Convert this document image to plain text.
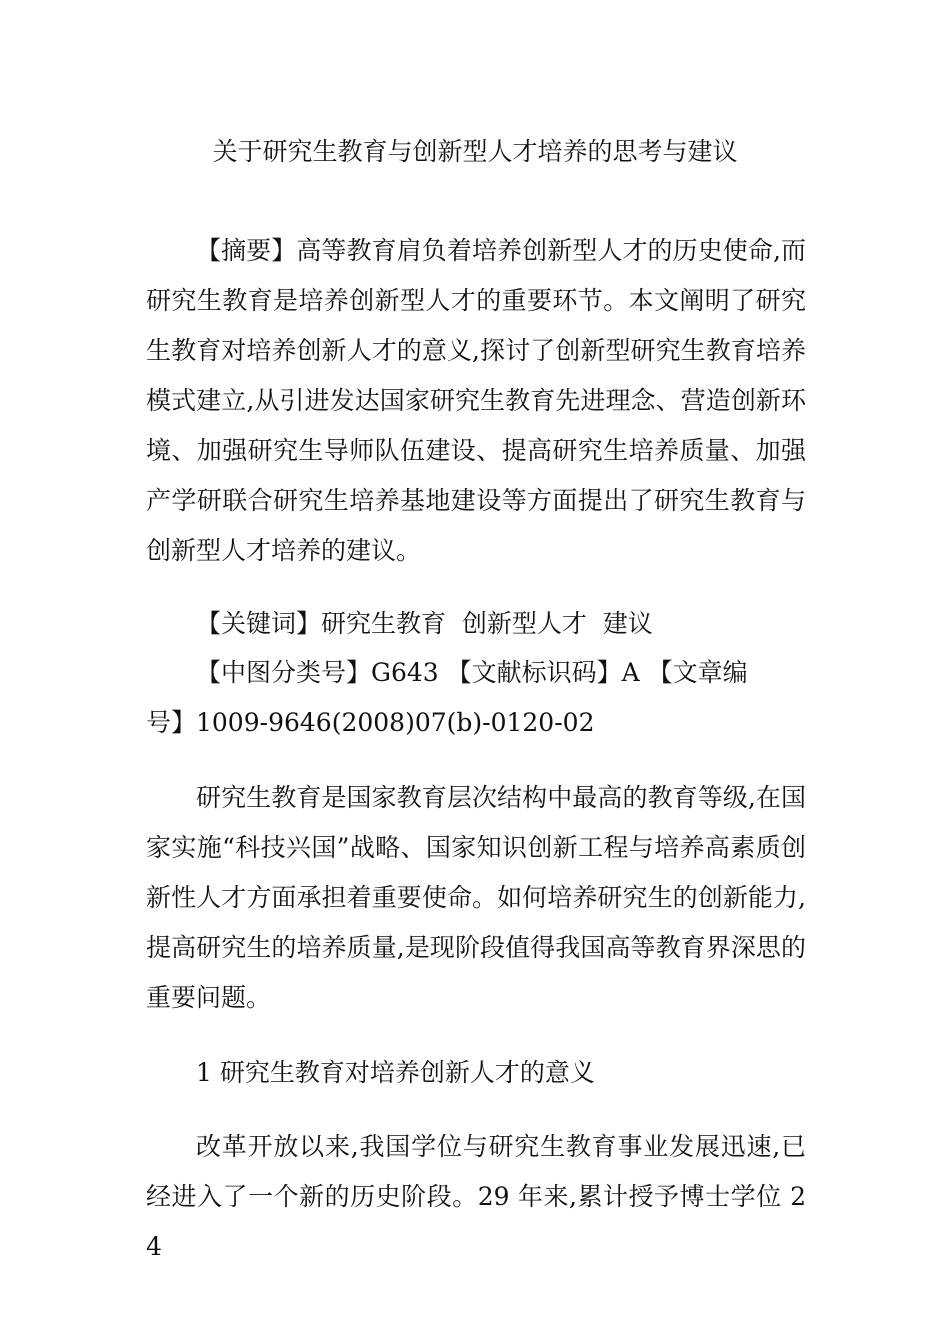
关于研究生教育与创新型人才培养的思考与建议
【摘要】高等教育肩负着培养创新型人才的历史使命,而研究生教育是培养创新型人才的重要环节。本文阐明了研究生教育对培养创新人才的意义,探讨了创新型研究生教育培养模式建立,从引进发达国家研究生教育先进理念、营造创新环境、加强研究生导师队伍建设、提高研究生培养质量、加强产学研联合研究生培养基地建设等方面提出了研究生教育与创新型人才培养的建议。
【关键词】研究生教育  创新型人才  建议
【中图分类号】G643 【文献标识码】A 【文章编
号】1009-9646(2008)07(b)-0120-02
研究生教育是国家教育层次结构中最高的教育等级,在国家实施“科技兴国”战略、国家知识创新工程与培养高素质创新性人才方面承担着重要使命。如何培养研究生的创新能力,提高研究生的培养质量,是现阶段值得我国高等教育界深思的重要问题。
1 研究生教育对培养创新人才的意义
改革开放以来,我国学位与研究生教育事业发展迅速,已经进入了一个新的历史阶段。29 年来,累计授予博士学位 24
